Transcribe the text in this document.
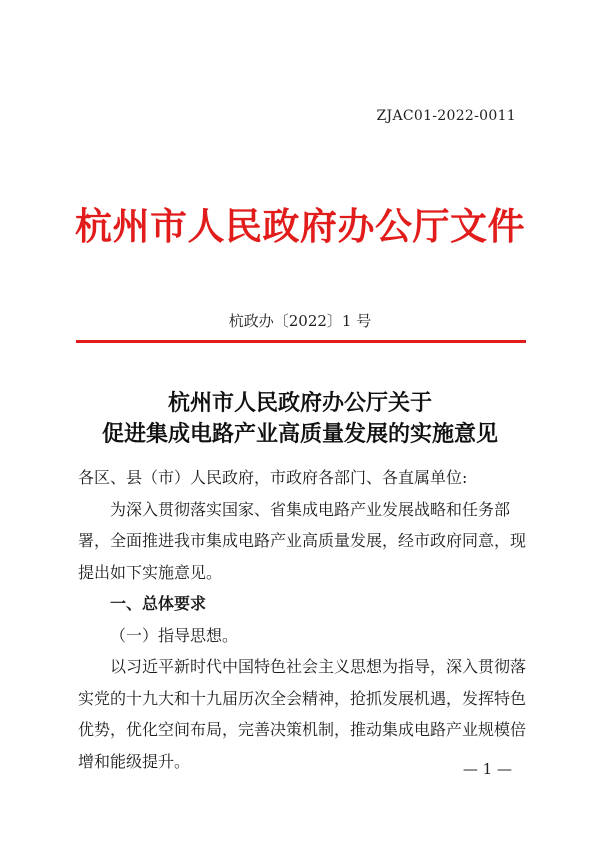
ZJAC01-2022-0011
杭州市人民政府办公厅文件
杭政办〔2022〕1 号
杭州市人民政府办公厅关于
促进集成电路产业高质量发展的实施意见

各区、县（市）人民政府，市政府各部门、各直属单位:

为深入贯彻落实国家、省集成电路产业发展战略和任务部

署，全面推进我市集成电路产业高质量发展，经市政府同意，现

提出如下实施意见。

一、总体要求

（一）指导思想。

以习近平新时代中国特色社会主义思想为指导，深入贯彻落

实党的十九大和十九届历次全会精神，抢抓发展机遇，发挥特色

优势，优化空间布局，完善决策机制，推动集成电路产业规模倍

增和能级提升。	— 1 —
